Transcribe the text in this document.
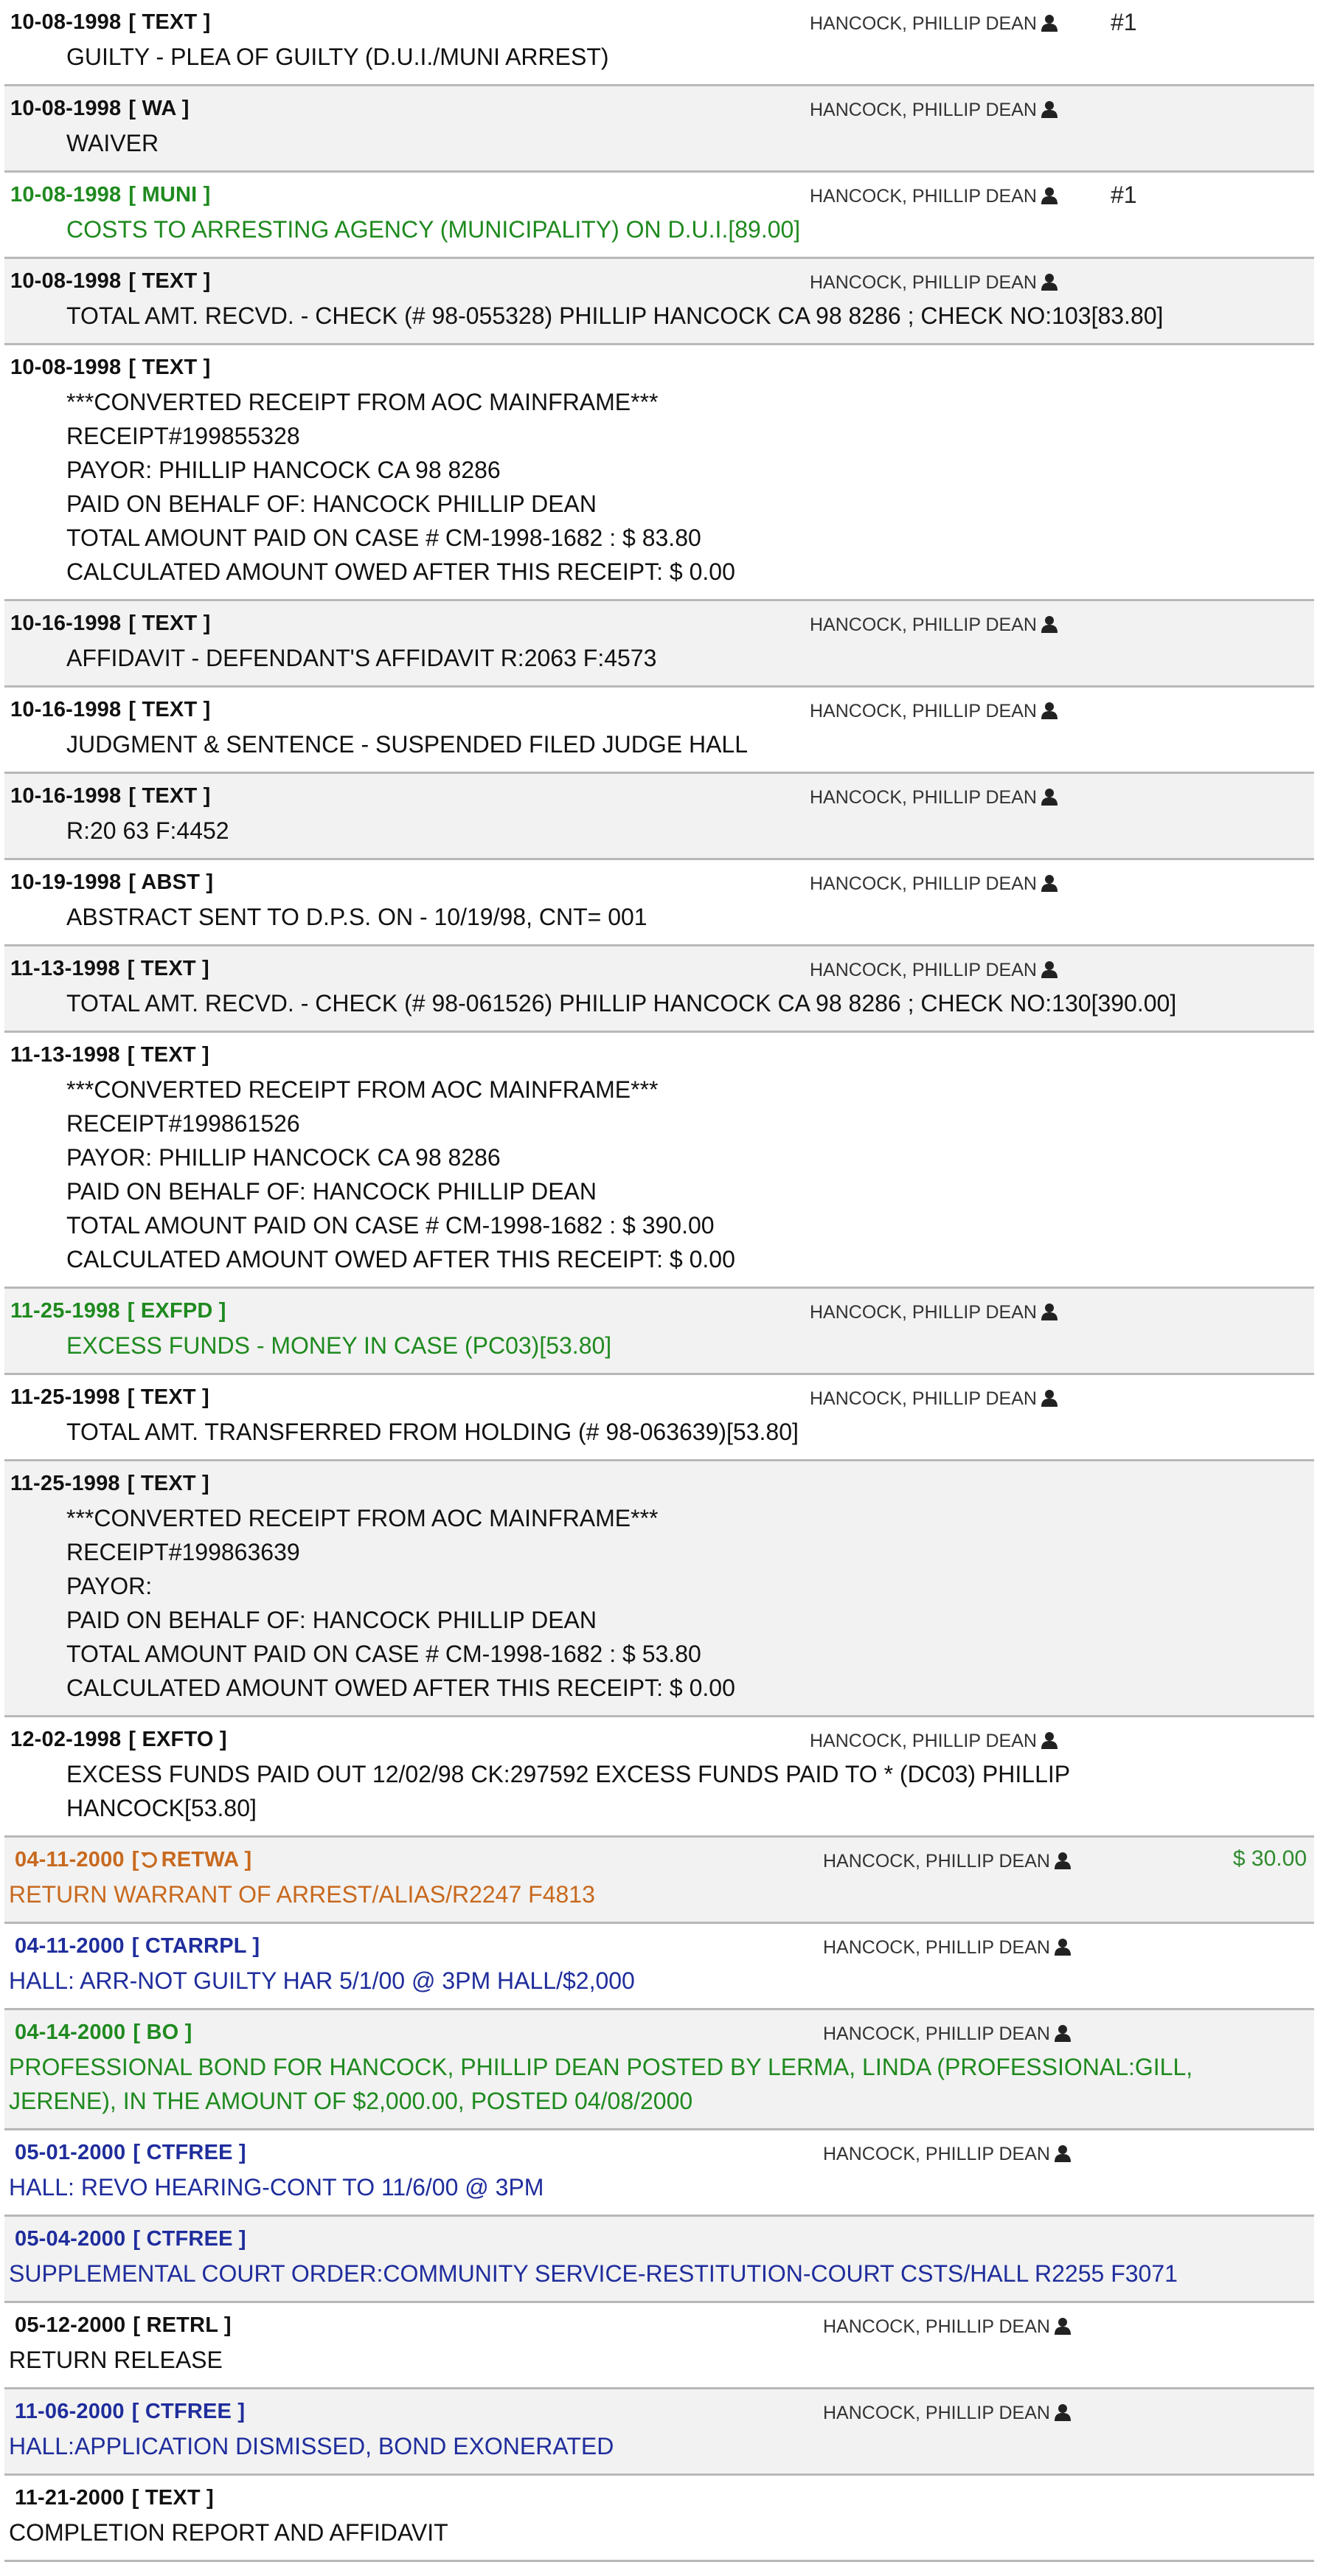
10-08-1998 [ TEXT ]	HANCOCK, PHILLIP DEAN	#1
GUILTY - PLEA OF GUILTY (D.U.I./MUNI ARREST)
10-08-1998 [ WA ]	HANCOCK, PHILLIP DEAN
WAIVER
10-08-1998 [ MUNI ]	HANCOCK, PHILLIP DEAN	#1
COSTS TO ARRESTING AGENCY (MUNICIPALITY) ON D.U.I.[89.00]
10-08-1998 [ TEXT ]	HANCOCK, PHILLIP DEAN
TOTAL AMT. RECVD. - CHECK (# 98-055328) PHILLIP HANCOCK CA 98 8286 ; CHECK NO:103[83.80]
10-08-1998 [ TEXT ]
***CONVERTED RECEIPT FROM AOC MAINFRAME***
RECEIPT#199855328
PAYOR: PHILLIP HANCOCK CA 98 8286
PAID ON BEHALF OF: HANCOCK PHILLIP DEAN
TOTAL AMOUNT PAID ON CASE # CM-1998-1682 : $ 83.80
CALCULATED AMOUNT OWED AFTER THIS RECEIPT: $ 0.00
10-16-1998 [ TEXT ]	HANCOCK, PHILLIP DEAN
AFFIDAVIT - DEFENDANT'S AFFIDAVIT R:2063 F:4573
10-16-1998 [ TEXT ]	HANCOCK, PHILLIP DEAN
JUDGMENT & SENTENCE - SUSPENDED FILED JUDGE HALL
10-16-1998 [ TEXT ]	HANCOCK, PHILLIP DEAN
R:20 63 F:4452
10-19-1998 [ ABST ]	HANCOCK, PHILLIP DEAN
ABSTRACT SENT TO D.P.S. ON - 10/19/98, CNT= 001
11-13-1998 [ TEXT ]	HANCOCK, PHILLIP DEAN
TOTAL AMT. RECVD. - CHECK (# 98-061526) PHILLIP HANCOCK CA 98 8286 ; CHECK NO:130[390.00]
11-13-1998 [ TEXT ]
***CONVERTED RECEIPT FROM AOC MAINFRAME***
RECEIPT#199861526
PAYOR: PHILLIP HANCOCK CA 98 8286
PAID ON BEHALF OF: HANCOCK PHILLIP DEAN
TOTAL AMOUNT PAID ON CASE # CM-1998-1682 : $ 390.00
CALCULATED AMOUNT OWED AFTER THIS RECEIPT: $ 0.00
11-25-1998 [ EXFPD ]	HANCOCK, PHILLIP DEAN
EXCESS FUNDS - MONEY IN CASE (PC03)[53.80]
11-25-1998 [ TEXT ]	HANCOCK, PHILLIP DEAN
TOTAL AMT. TRANSFERRED FROM HOLDING (# 98-063639)[53.80]
11-25-1998 [ TEXT ]
***CONVERTED RECEIPT FROM AOC MAINFRAME***
RECEIPT#199863639
PAYOR:
PAID ON BEHALF OF: HANCOCK PHILLIP DEAN
TOTAL AMOUNT PAID ON CASE # CM-1998-1682 : $ 53.80
CALCULATED AMOUNT OWED AFTER THIS RECEIPT: $ 0.00
12-02-1998 [ EXFTO ]	HANCOCK, PHILLIP DEAN
EXCESS FUNDS PAID OUT 12/02/98 CK:297592 EXCESS FUNDS PAID TO * (DC03) PHILLIP
HANCOCK[53.80]
04-11-2000 [ RETWA ]	HANCOCK, PHILLIP DEAN	$ 30.00
RETURN WARRANT OF ARREST/ALIAS/R2247 F4813
04-11-2000 [ CTARRPL ]	HANCOCK, PHILLIP DEAN
HALL: ARR-NOT GUILTY HAR 5/1/00 @ 3PM HALL/$2,000
04-14-2000 [ BO ]	HANCOCK, PHILLIP DEAN
PROFESSIONAL BOND FOR HANCOCK, PHILLIP DEAN POSTED BY LERMA, LINDA (PROFESSIONAL:GILL,
JERENE), IN THE AMOUNT OF $2,000.00, POSTED 04/08/2000
05-01-2000 [ CTFREE ]	HANCOCK, PHILLIP DEAN
HALL: REVO HEARING-CONT TO 11/6/00 @ 3PM
05-04-2000 [ CTFREE ]
SUPPLEMENTAL COURT ORDER:COMMUNITY SERVICE-RESTITUTION-COURT CSTS/HALL R2255 F3071
05-12-2000 [ RETRL ]	HANCOCK, PHILLIP DEAN
RETURN RELEASE
11-06-2000 [ CTFREE ]	HANCOCK, PHILLIP DEAN
HALL:APPLICATION DISMISSED, BOND EXONERATED
11-21-2000 [ TEXT ]
COMPLETION REPORT AND AFFIDAVIT
